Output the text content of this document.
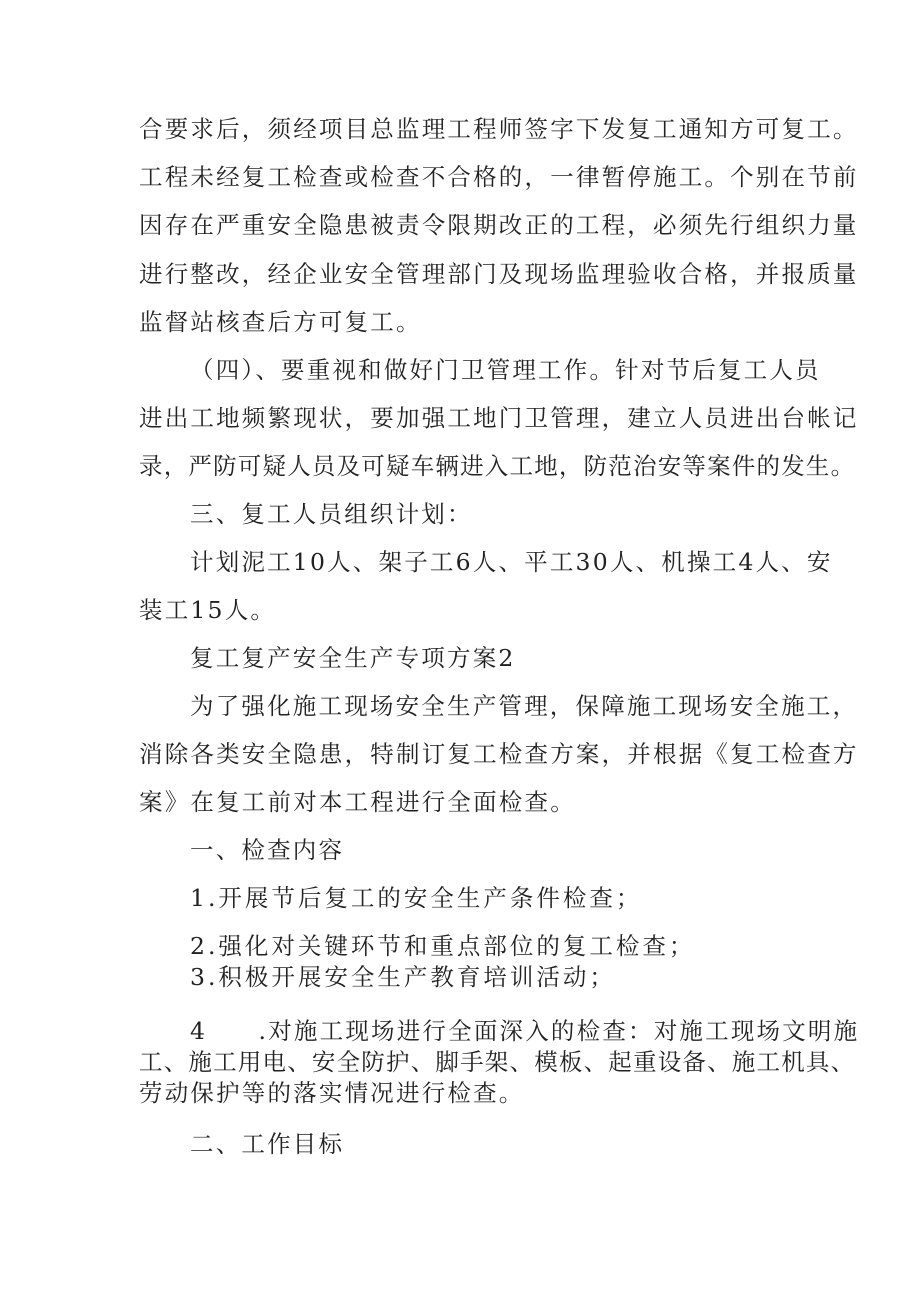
合要求后，须经项目总监理工程师签字下发复工通知方可复工。
工程未经复工检查或检查不合格的，一律暂停施工。个别在节前
因存在严重安全隐患被责令限期改正的工程，必须先行组织力量
进行整改，经企业安全管理部门及现场监理验收合格，并报质量
监督站核查后方可复工。
（四）、要重视和做好门卫管理工作。针对节后复工人员
进出工地频繁现状，要加强工地门卫管理，建立人员进出台帐记
录，严防可疑人员及可疑车辆进入工地，防范治安等案件的发生。
三、复工人员组织计划：
计划泥工10人、架子工6人、平工30人、机操工4人、安
装工15人。
复工复产安全生产专项方案2
为了强化施工现场安全生产管理，保障施工现场安全施工，
消除各类安全隐患，特制订复工检查方案，并根据《复工检查方
案》在复工前对本工程进行全面检查。
一、检查内容
1.开展节后复工的安全生产条件检查；
2.强化对关键环节和重点部位的复工检查；
3.积极开展安全生产教育培训活动；
4　　.对施工现场进行全面深入的检查：对施工现场文明施
工、施工用电、安全防护、脚手架、模板、起重设备、施工机具、
劳动保护等的落实情况进行检查。
二、工作目标
